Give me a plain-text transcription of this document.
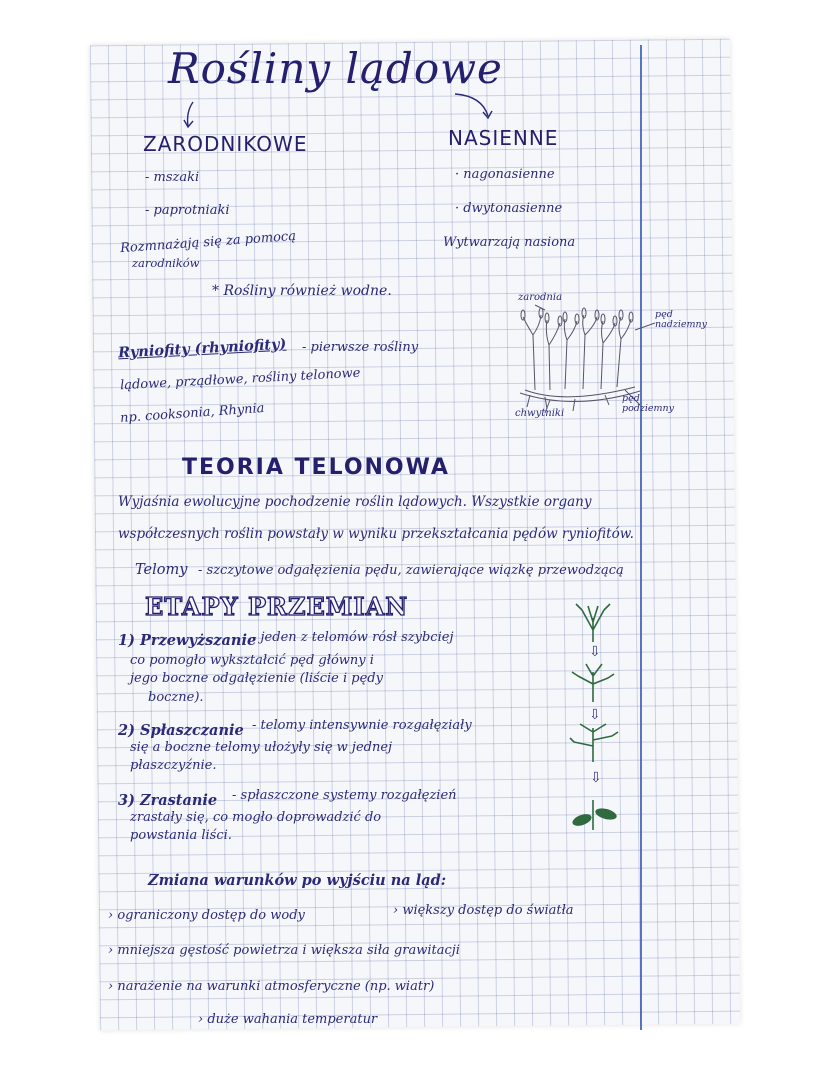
Rośliny lądowe
ZARODNIKOWE
- mszaki
- paprotniaki
Rozmnażają się za pomocą
zarodników
NASIENNE
· nagonasienne
· dwytonasienne
Wytwarzają nasiona
* Rośliny również wodne.
Ryniofity (rhyniofity) - pierwsze rośliny
lądowe, prządłowe, rośliny telonowe
np. cooksonia, Rhynia
zarodnia
pęd nadziemny
chwytniki
pęd podziemny
TEORIA TELONOWA
Wyjaśnia ewolucyjne pochodzenie roślin lądowych. Wszystkie organy
współczesnych roślin powstały w wyniku przekształcania pędów ryniofitów.
Telomy - szczytowe odgałęzienia pędu, zawierające wiązkę przewodzącą
ETAPY PRZEMIAN
1) Przewyższanie
- jeden z telomów rósł szybciej
co pomogło wykształcić pęd główny i
jego boczne odgałęzienie (liście i pędy
boczne).
2) Spłaszczanie - telomy intensywnie rozgałęziały
się a boczne telomy ułożyły się w jednej
płaszczyźnie.
3) Zrastanie - spłaszczone systemy rozgałęzień
zrastały się, co mogło doprowadzić do
powstania liści.
⇩
⇩
⇩
Zmiana warunków po wyjściu na ląd:
› ograniczony dostęp do wody	› większy dostęp do światła
› mniejsza gęstość powietrza i większa siła grawitacji
› narażenie na warunki atmosferyczne (np. wiatr)
› duże wahania temperatur
